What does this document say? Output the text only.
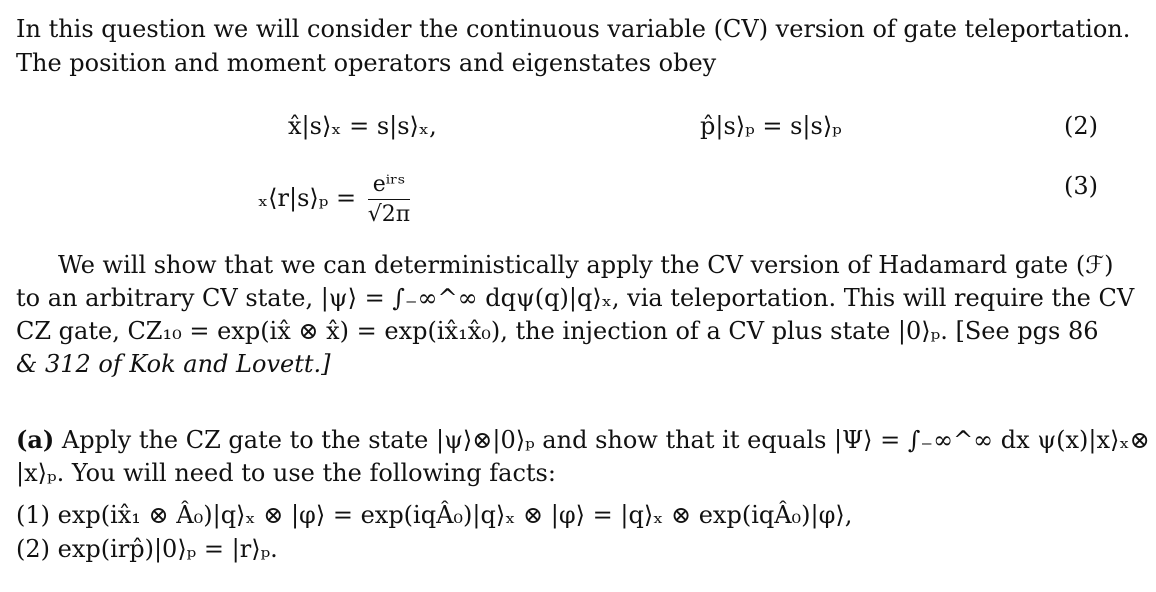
In this question we will consider the continuous variable (CV) version of gate teleportation.
The position and moment operators and eigenstates obey
x̂|s⟩ₓ = s|s⟩ₓ,	p̂|s⟩ₚ = s|s⟩ₚ	(2)
ₓ⟨r|s⟩ₚ = $\frac{\text{eⁱʳˢ}}{√2\pi}$	(3)
We will show that we can deterministically apply the CV version of Hadamard gate (ℱ)
to an arbitrary CV state, |ψ⟩ = ∫₋∞^∞ dqψ(q)|q⟩ₓ, via teleportation. This will require the CV
CZ gate, CZ₁₀ = exp(ix̂ ⊗ x̂) = exp(ix̂₁x̂₀), the injection of a CV plus state |0⟩ₚ. [See pgs 86
& 312 of Kok and Lovett.]
(a) Apply the CZ gate to the state |ψ⟩⊗|0⟩ₚ and show that it equals |Ψ⟩ = ∫₋∞^∞ dx ψ(x)|x⟩ₓ⊗
|x⟩ₚ. You will need to use the following facts:
(1) exp(ix̂₁ ⊗ Â₀)|q⟩ₓ ⊗ |φ⟩ = exp(iqÂ₀)|q⟩ₓ ⊗ |φ⟩ = |q⟩ₓ ⊗ exp(iqÂ₀)|φ⟩,
(2) exp(irp̂)|0⟩ₚ = |r⟩ₚ.
